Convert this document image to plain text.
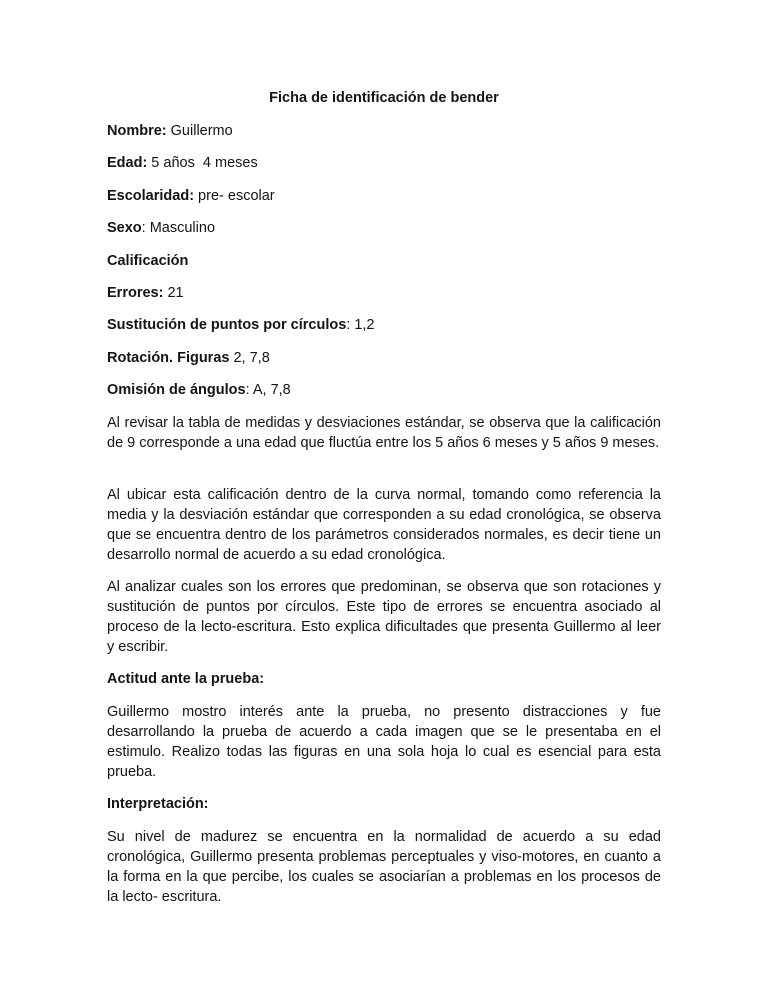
Ficha de identificación de bender
Nombre: Guillermo
Edad: 5 años  4 meses
Escolaridad: pre- escolar
Sexo: Masculino
Calificación
Errores: 21
Sustitución de puntos por círculos: 1,2
Rotación. Figuras 2, 7,8
Omisión de ángulos: A, 7,8
Al revisar la tabla de medidas y desviaciones estándar, se observa que la calificación de 9 corresponde a una edad que fluctúa entre los 5 años 6 meses y 5 años 9 meses.
Al ubicar esta calificación dentro de la curva normal, tomando como referencia la media y la desviación estándar que corresponden a su edad cronológica, se observa que se encuentra dentro de los parámetros considerados normales, es decir tiene un desarrollo normal de acuerdo a su edad cronológica.
Al analizar cuales son los errores que predominan, se observa que son rotaciones y sustitución de puntos por círculos. Este tipo de errores se encuentra asociado al proceso de la lecto-escritura. Esto explica dificultades que presenta Guillermo al leer y escribir.
Actitud ante la prueba:
Guillermo mostro interés ante la prueba, no presento distracciones y fue desarrollando la prueba de acuerdo a cada imagen que se le presentaba en el estimulo. Realizo todas las figuras en una sola hoja lo cual es esencial para esta prueba.
Interpretación:
Su nivel de madurez se encuentra en la normalidad de acuerdo a su edad cronológica, Guillermo presenta problemas perceptuales y viso-motores, en cuanto a la forma en la que percibe, los cuales se asociarían a problemas en los procesos de la lecto- escritura.
